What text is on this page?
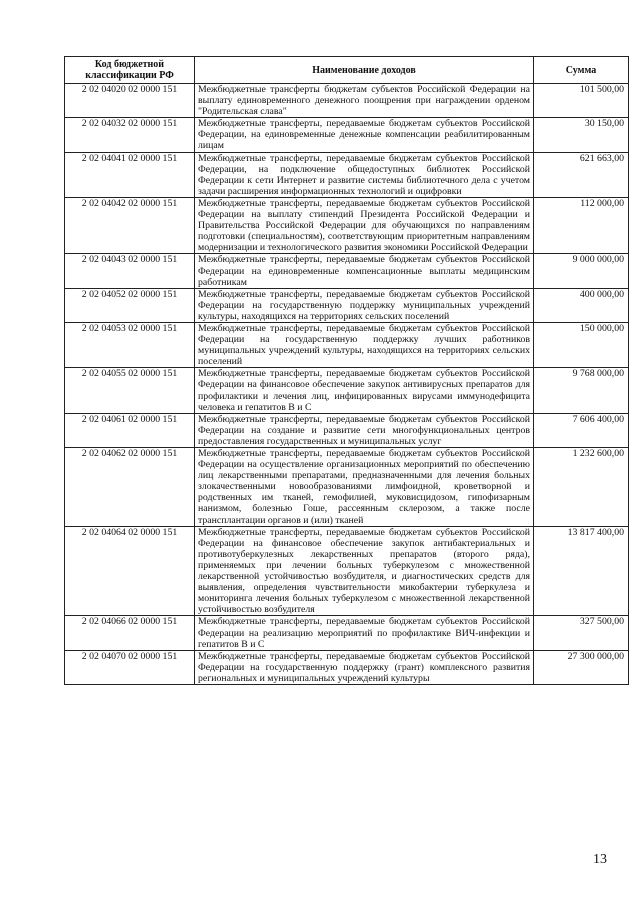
Код бюджетной классификации РФ	Наименование доходов	Сумма
2 02 04020 02 0000 151	Межбюджетные трансферты бюджетам субъектов Российской Федерации на выплату единовременного денежного поощрения при награждении орденом "Родительская слава"	101 500,00
2 02 04032 02 0000 151	Межбюджетные трансферты, передаваемые бюджетам субъектов Российской Федерации, на единовременные денежные компенсации реабилитированным лицам	30 150,00
2 02 04041 02 0000 151	Межбюджетные трансферты, передаваемые бюджетам субъектов Российской Федерации, на подключение общедоступных библиотек Российской Федерации к сети Интернет и развитие системы библиотечного дела с учетом задачи расширения информационных технологий и оцифровки	621 663,00
2 02 04042 02 0000 151	Межбюджетные трансферты, передаваемые бюджетам субъектов Российской Федерации на выплату стипендий Президента Российской Федерации и Правительства Российской Федерации для обучающихся по направлениям подготовки (специальностям), соответствующим приоритетным направлениям модернизации и технологического развития экономики Российской Федерации	112 000,00
2 02 04043 02 0000 151	Межбюджетные трансферты, передаваемые бюджетам субъектов Российской Федерации на единовременные компенсационные выплаты медицинским работникам	9 000 000,00
2 02 04052 02 0000 151	Межбюджетные трансферты, передаваемые бюджетам субъектов Российской Федерации на государственную поддержку муниципальных учреждений культуры, находящихся на территориях сельских поселений	400 000,00
2 02 04053 02 0000 151	Межбюджетные трансферты, передаваемые бюджетам субъектов Российской Федерации на государственную поддержку лучших работников муниципальных учреждений культуры, находящихся на территориях сельских поселений	150 000,00
2 02 04055 02 0000 151	Межбюджетные трансферты, передаваемые бюджетам субъектов Российской Федерации на финансовое обеспечение закупок антивирусных препаратов для профилактики и лечения лиц, инфицированных вирусами иммунодефицита человека и гепатитов В и С	9 768 000,00
2 02 04061 02 0000 151	Межбюджетные трансферты, передаваемые бюджетам субъектов Российской Федерации на создание и развитие сети многофункциональных центров предоставления государственных и муниципальных услуг	7 606 400,00
2 02 04062 02 0000 151	Межбюджетные трансферты, передаваемые бюджетам субъектов Российской Федерации на осуществление организационных мероприятий по обеспечению лиц лекарственными препаратами, предназначенными для лечения больных злокачественными новообразованиями лимфоидной, кроветворной и родственных им тканей, гемофилией, муковисцидозом, гипофизарным нанизмом, болезнью Гоше, рассеянным склерозом, а также после трансплантации органов и (или) тканей	1 232 600,00
2 02 04064 02 0000 151	Межбюджетные трансферты, передаваемые бюджетам субъектов Российской Федерации на финансовое обеспечение закупок антибактериальных и противотуберкулезных лекарственных препаратов (второго ряда), применяемых при лечении больных туберкулезом с множественной лекарственной устойчивостью возбудителя, и диагностических средств для выявления, определения чувствительности микобактерии туберкулеза и мониторинга лечения больных туберкулезом с множественной лекарственной устойчивостью возбудителя	13 817 400,00
2 02 04066 02 0000 151	Межбюджетные трансферты, передаваемые бюджетам субъектов Российской Федерации на реализацию мероприятий по профилактике ВИЧ-инфекции и гепатитов В и С	327 500,00
2 02 04070 02 0000 151	Межбюджетные трансферты, передаваемые бюджетам субъектов Российской Федерации на государственную поддержку (грант) комплексного развития региональных и муниципальных учреждений культуры	27 300 000,00
13
